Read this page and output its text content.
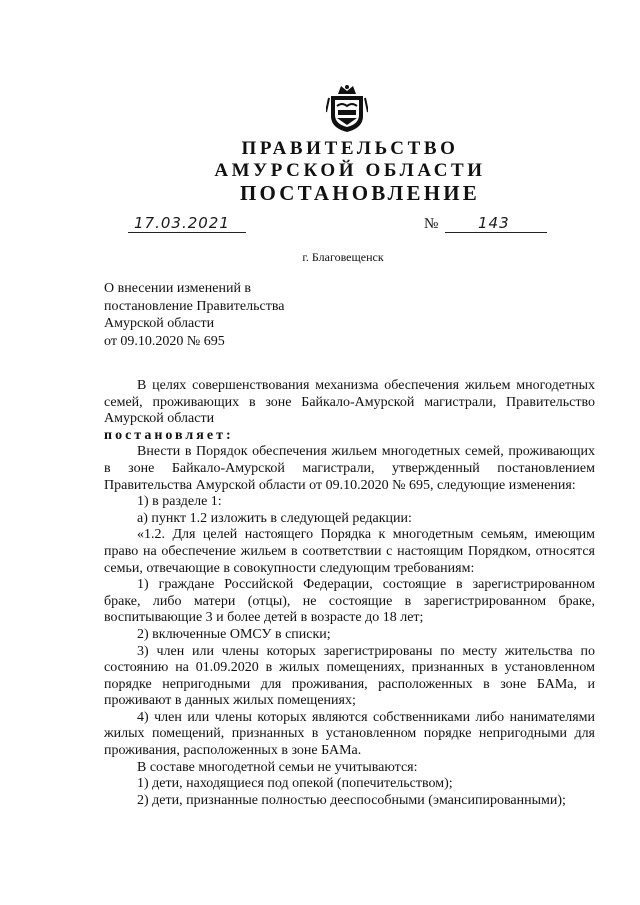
ПРАВИТЕЛЬСТВО
АМУРСКОЙ ОБЛАСТИ
ПОСТАНОВЛЕНИЕ
17.03.2021	№	143
г. Благовещенск
О внесении изменений в
постановление Правительства
Амурской области
от 09.10.2020 № 695

В целях совершенствования механизма обеспечения жильем многодетных семей, проживающих в зоне Байкало-Амурской магистрали, Правительство Амурской области

постановляет:

Внести в Порядок обеспечения жильем многодетных семей, проживающих в зоне Байкало-Амурской магистрали, утвержденный постановлением Правительства Амурской области от 09.10.2020 № 695, следующие изменения:

1) в разделе 1:

а) пункт 1.2 изложить в следующей редакции:

«1.2. Для целей настоящего Порядка к многодетным семьям, имеющим право на обеспечение жильем в соответствии с настоящим Порядком, относятся семьи, отвечающие в совокупности следующим требованиям:

1) граждане Российской Федерации, состоящие в зарегистрированном браке, либо матери (отцы), не состоящие в зарегистрированном браке, воспитывающие 3 и более детей в возрасте до 18 лет;

2) включенные ОМСУ в списки;

3) член или члены которых зарегистрированы по месту жительства по состоянию на 01.09.2020 в жилых помещениях, признанных в установленном порядке непригодными для проживания, расположенных в зоне БАМа, и проживают в данных жилых помещениях;

4) член или члены которых являются собственниками либо нанимателями жилых помещений, признанных в установленном порядке непригодными для проживания, расположенных в зоне БАМа.

В составе многодетной семьи не учитываются:

1) дети, находящиеся под опекой (попечительством);

2) дети, признанные полностью дееспособными (эмансипированными);
